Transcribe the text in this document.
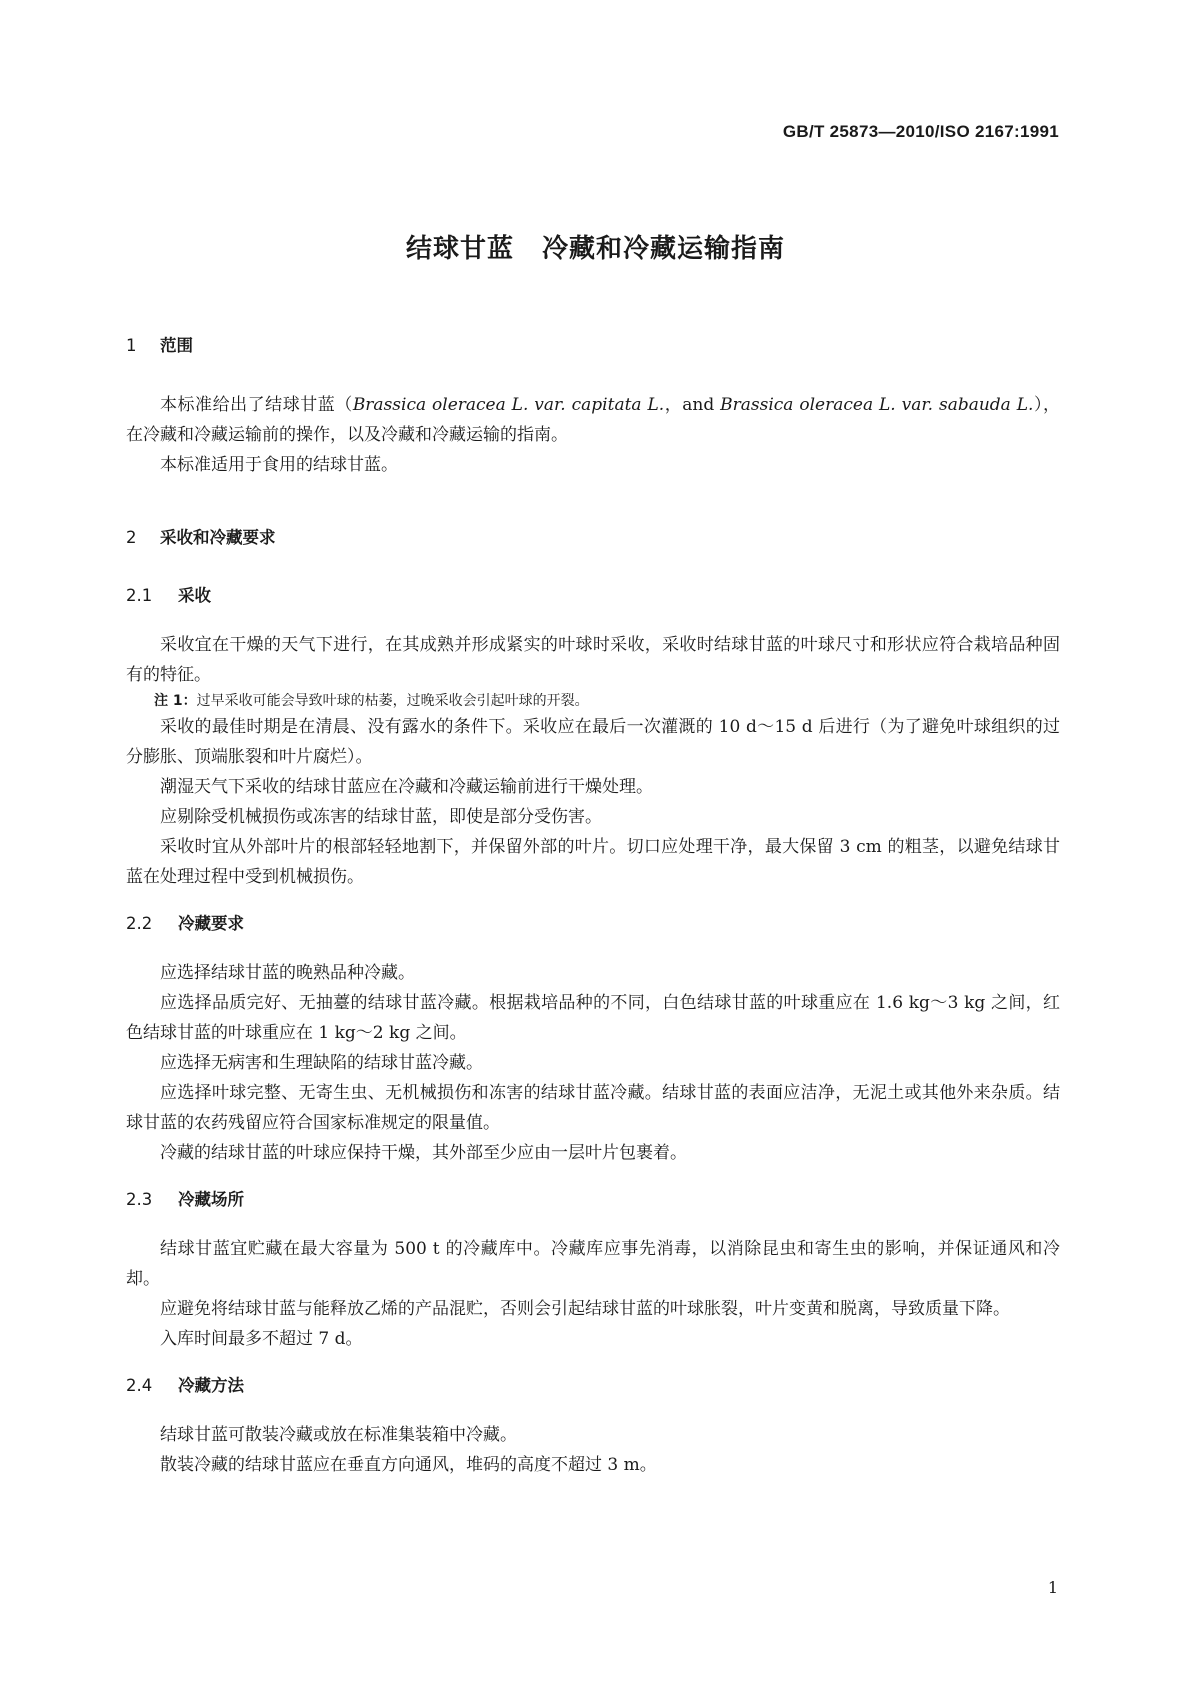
GB/T 25873—2010/ISO 2167:1991
结球甘蓝 冷藏和冷藏运输指南
1 范围

本标准给出了结球甘蓝（Brassica oleracea L. var. capitata L.，and Brassica oleracea L. var. sabauda L.），在冷藏和冷藏运输前的操作，以及冷藏和冷藏运输的指南。

本标准适用于食用的结球甘蓝。

2 采收和冷藏要求
2.1 采收

采收宜在干燥的天气下进行，在其成熟并形成紧实的叶球时采收，采收时结球甘蓝的叶球尺寸和形状应符合栽培品种固有的特征。

注 1：过早采收可能会导致叶球的枯萎，过晚采收会引起叶球的开裂。

采收的最佳时期是在清晨、没有露水的条件下。采收应在最后一次灌溉的 10 d～15 d 后进行（为了避免叶球组织的过分膨胀、顶端胀裂和叶片腐烂）。

潮湿天气下采收的结球甘蓝应在冷藏和冷藏运输前进行干燥处理。

应剔除受机械损伤或冻害的结球甘蓝，即使是部分受伤害。

采收时宜从外部叶片的根部轻轻地割下，并保留外部的叶片。切口应处理干净，最大保留 3 cm 的粗茎，以避免结球甘蓝在处理过程中受到机械损伤。

2.2 冷藏要求

应选择结球甘蓝的晚熟品种冷藏。

应选择品质完好、无抽薹的结球甘蓝冷藏。根据栽培品种的不同，白色结球甘蓝的叶球重应在 1.6 kg～3 kg 之间，红色结球甘蓝的叶球重应在 1 kg～2 kg 之间。

应选择无病害和生理缺陷的结球甘蓝冷藏。

应选择叶球完整、无寄生虫、无机械损伤和冻害的结球甘蓝冷藏。结球甘蓝的表面应洁净，无泥土或其他外来杂质。结球甘蓝的农药残留应符合国家标准规定的限量值。

冷藏的结球甘蓝的叶球应保持干燥，其外部至少应由一层叶片包裹着。

2.3 冷藏场所

结球甘蓝宜贮藏在最大容量为 500 t 的冷藏库中。冷藏库应事先消毒，以消除昆虫和寄生虫的影响，并保证通风和冷却。

应避免将结球甘蓝与能释放乙烯的产品混贮，否则会引起结球甘蓝的叶球胀裂，叶片变黄和脱离，导致质量下降。

入库时间最多不超过 7 d。

2.4 冷藏方法

结球甘蓝可散装冷藏或放在标准集装箱中冷藏。

散装冷藏的结球甘蓝应在垂直方向通风，堆码的高度不超过 3 m。

1
